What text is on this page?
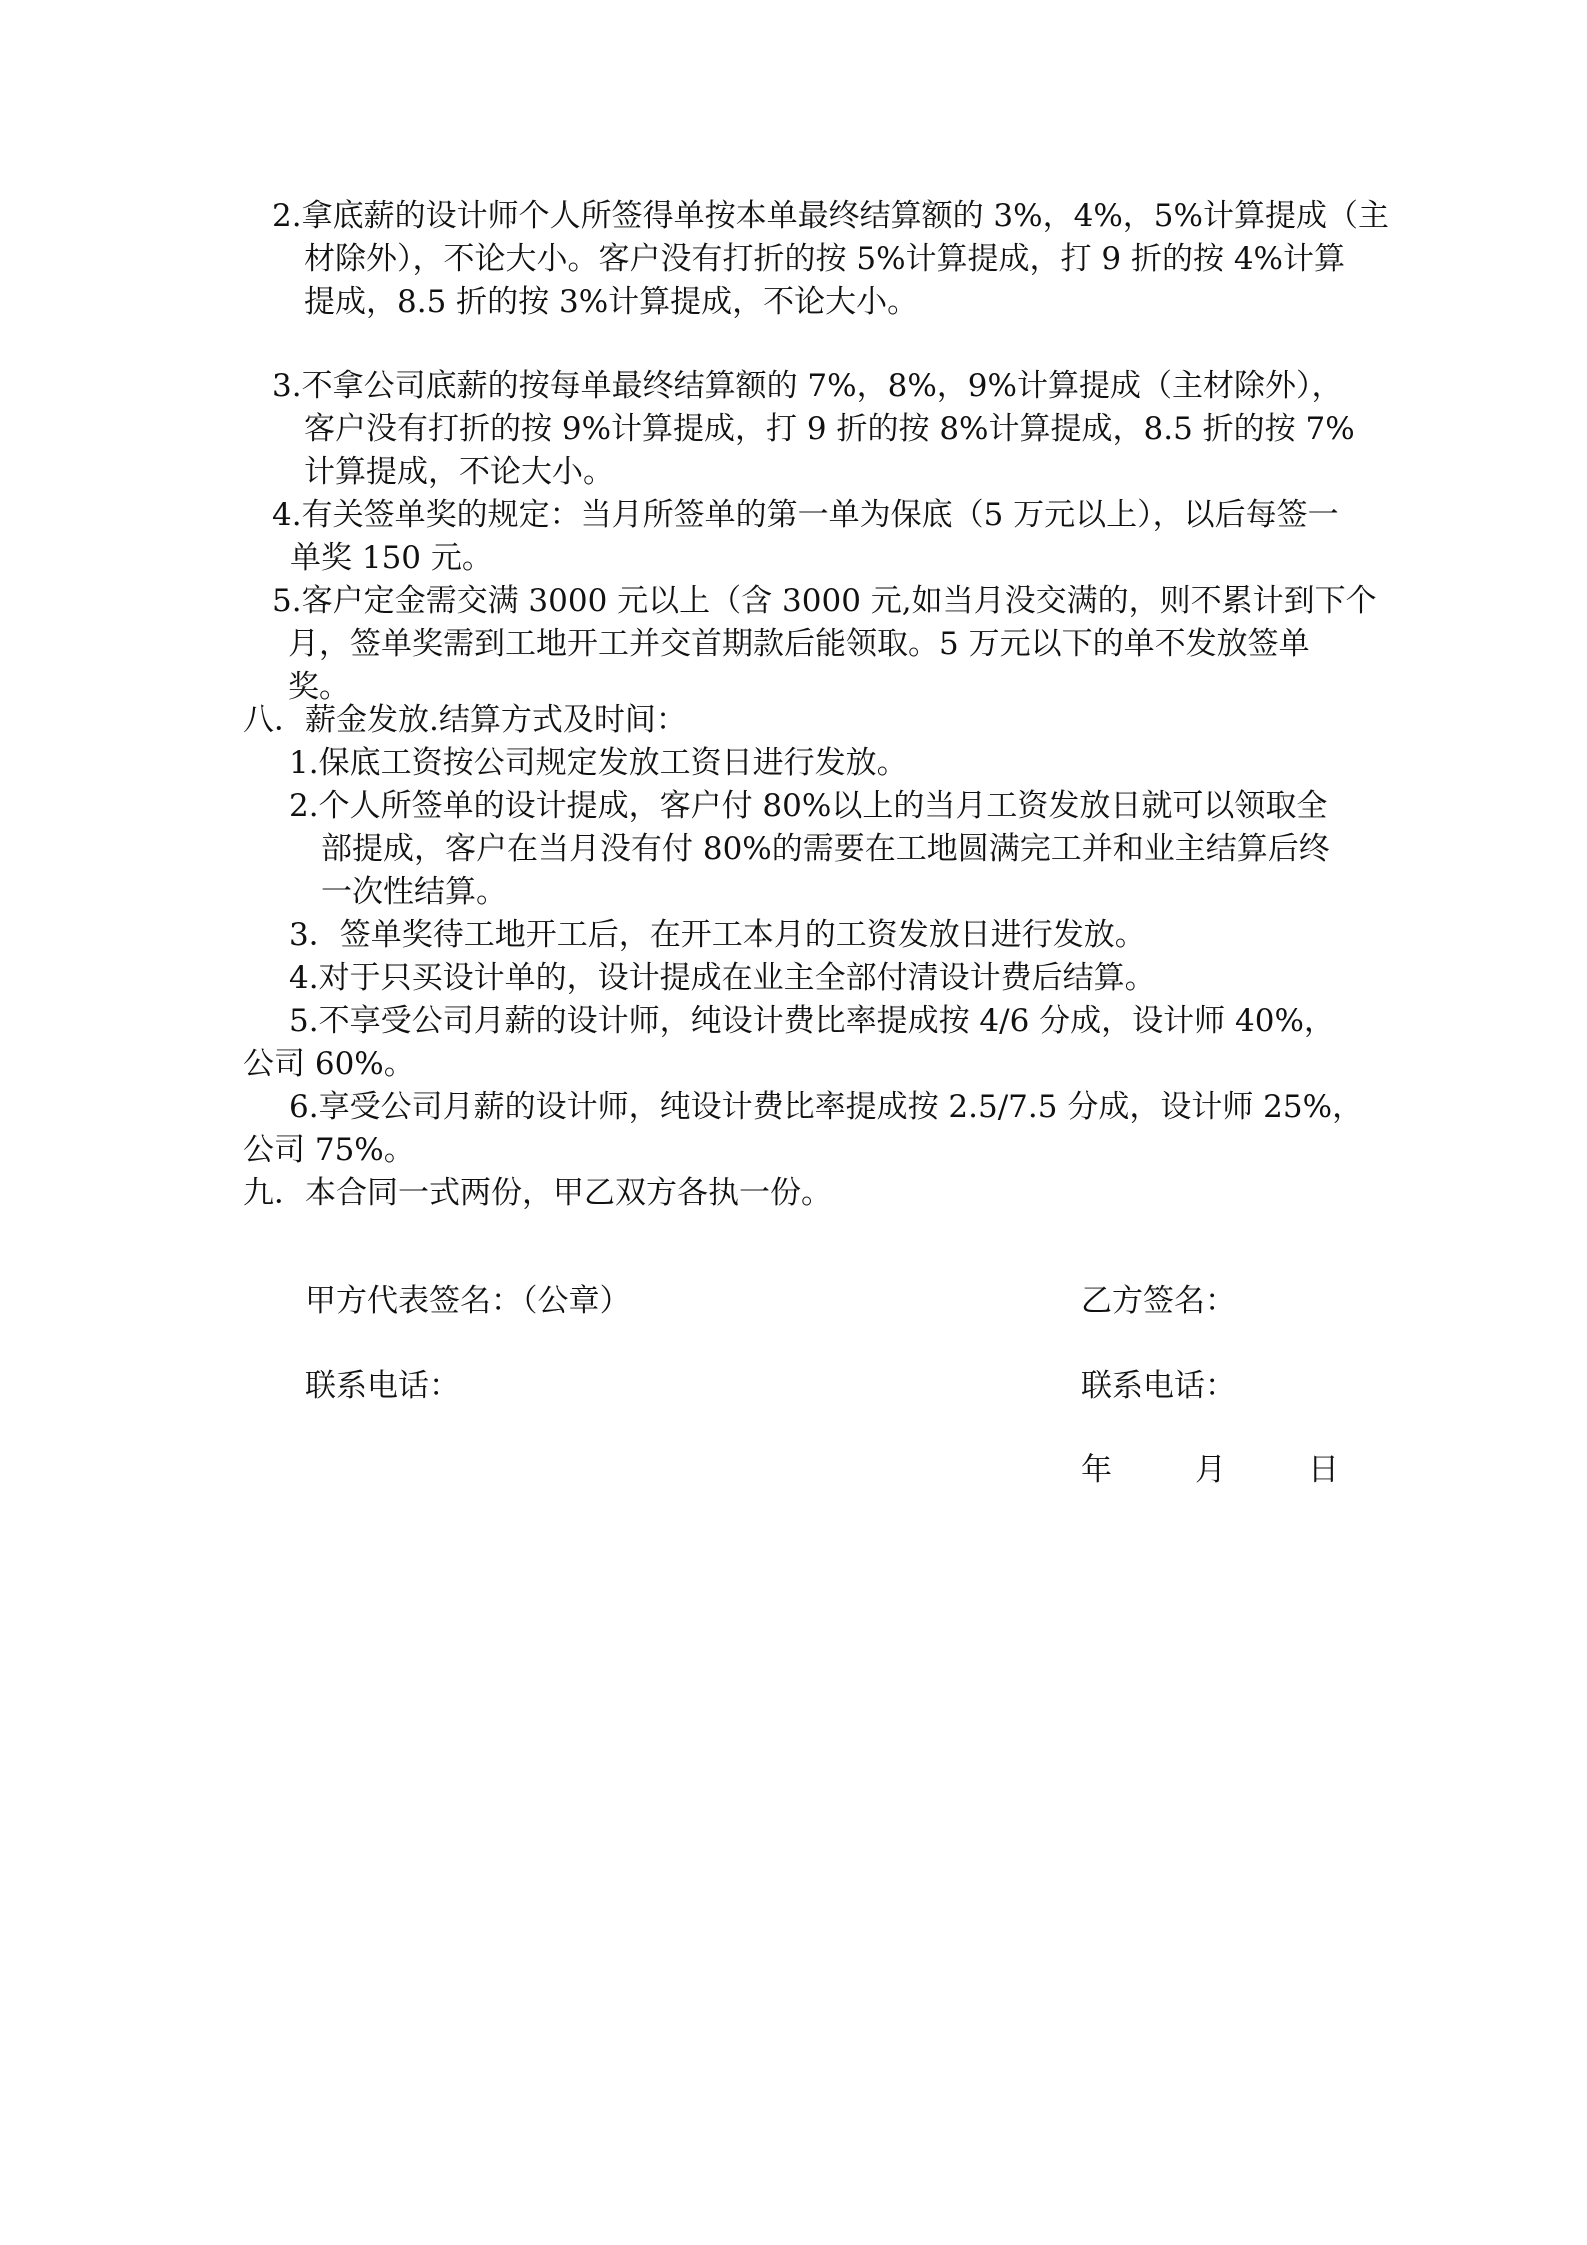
2.拿底薪的设计师个人所签得单按本单最终结算额的 3%，4%，5%计算提成（主
材除外），不论大小。客户没有打折的按 5%计算提成，打 9 折的按 4%计算
提成，8.5 折的按 3%计算提成，不论大小。
3.不拿公司底薪的按每单最终结算额的 7%，8%，9%计算提成（主材除外），
客户没有打折的按 9%计算提成，打 9 折的按 8%计算提成，8.5 折的按 7%
计算提成，不论大小。
4.有关签单奖的规定：当月所签单的第一单为保底（5 万元以上），以后每签一
单奖 150 元。
5.客户定金需交满 3000 元以上（含 3000 元,如当月没交满的，则不累计到下个
月，签单奖需到工地开工并交首期款后能领取。5 万元以下的单不发放签单
奖。
八．薪金发放.结算方式及时间：
1.保底工资按公司规定发放工资日进行发放。
2.个人所签单的设计提成，客户付 80%以上的当月工资发放日就可以领取全
部提成，客户在当月没有付 80%的需要在工地圆满完工并和业主结算后终
一次性结算。
3．签单奖待工地开工后，在开工本月的工资发放日进行发放。
4.对于只买设计单的，设计提成在业主全部付清设计费后结算。
5.不享受公司月薪的设计师，纯设计费比率提成按 4/6 分成，设计师 40%，
公司 60%。
6.享受公司月薪的设计师，纯设计费比率提成按 2.5/7.5 分成，设计师 25%，
公司 75%。
九．本合同一式两份，甲乙双方各执一份。
甲方代表签名：（公章）	乙方签名：
联系电话：	联系电话：
年	月	日
